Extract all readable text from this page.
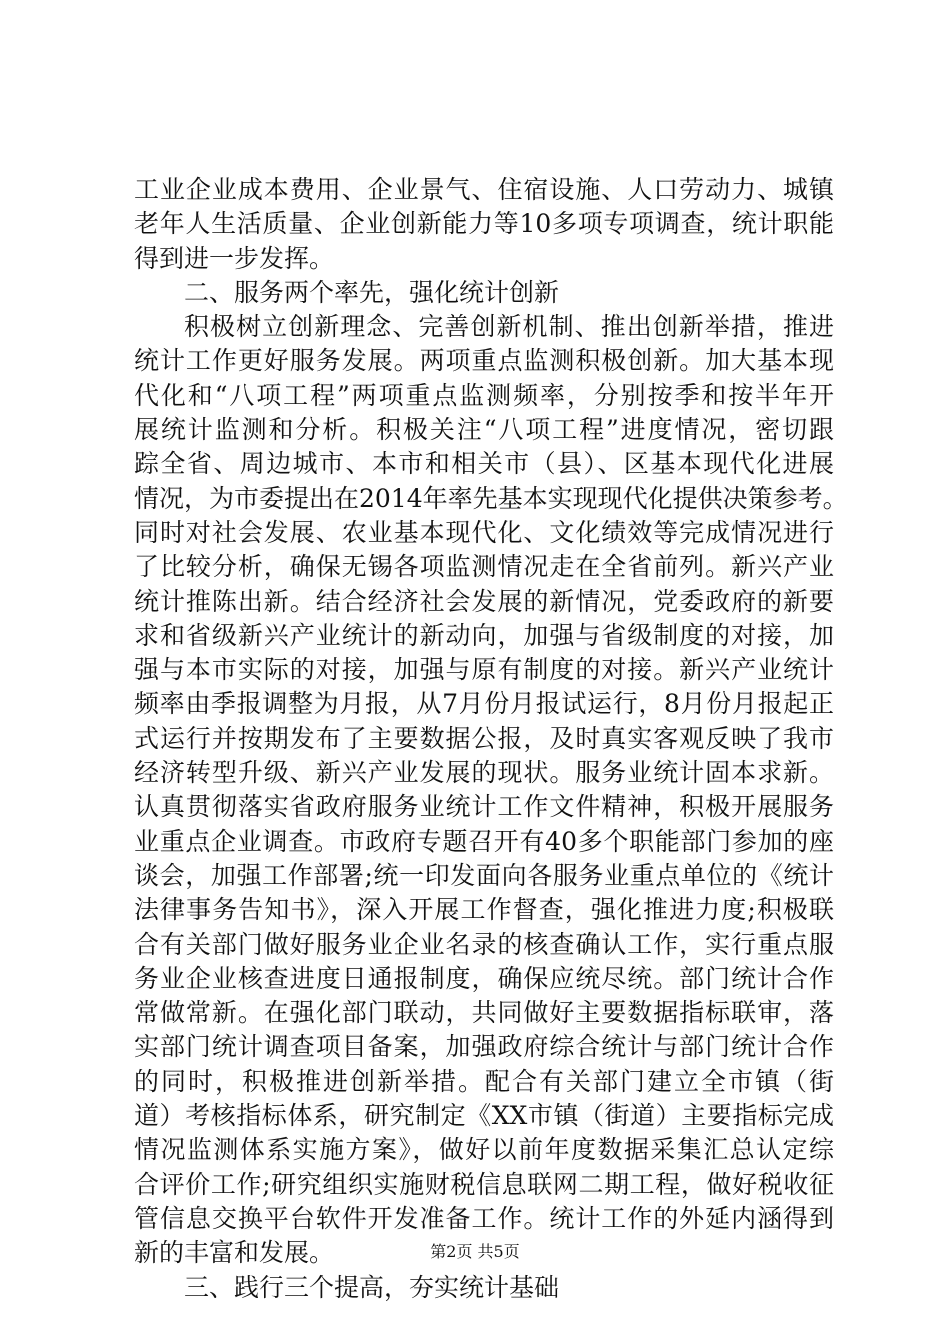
工业企业成本费用、企业景气、住宿设施、人口劳动力、城镇
老年人生活质量、企业创新能力等10多项专项调查，统计职能
得到进一步发挥。
二、服务两个率先，强化统计创新
积极树立创新理念、完善创新机制、推出创新举措，推进
统计工作更好服务发展。两项重点监测积极创新。加大基本现
代化和“八项工程”两项重点监测频率，分别按季和按半年开
展统计监测和分析。积极关注“八项工程”进度情况，密切跟
踪全省、周边城市、本市和相关市（县）、区基本现代化进展
情况，为市委提出在2014年率先基本实现现代化提供决策参考。
同时对社会发展、农业基本现代化、文化绩效等完成情况进行
了比较分析，确保无锡各项监测情况走在全省前列。新兴产业
统计推陈出新。结合经济社会发展的新情况，党委政府的新要
求和省级新兴产业统计的新动向，加强与省级制度的对接，加
强与本市实际的对接，加强与原有制度的对接。新兴产业统计
频率由季报调整为月报，从7月份月报试运行，8月份月报起正
式运行并按期发布了主要数据公报，及时真实客观反映了我市
经济转型升级、新兴产业发展的现状。服务业统计固本求新。
认真贯彻落实省政府服务业统计工作文件精神，积极开展服务
业重点企业调查。市政府专题召开有40多个职能部门参加的座
谈会，加强工作部署;统一印发面向各服务业重点单位的《统计
法律事务告知书》，深入开展工作督查，强化推进力度;积极联
合有关部门做好服务业企业名录的核查确认工作，实行重点服
务业企业核查进度日通报制度，确保应统尽统。部门统计合作
常做常新。在强化部门联动，共同做好主要数据指标联审，落
实部门统计调查项目备案，加强政府综合统计与部门统计合作
的同时，积极推进创新举措。配合有关部门建立全市镇（街
道）考核指标体系，研究制定《XX市镇（街道）主要指标完成
情况监测体系实施方案》，做好以前年度数据采集汇总认定综
合评价工作;研究组织实施财税信息联网二期工程，做好税收征
管信息交换平台软件开发准备工作。统计工作的外延内涵得到
新的丰富和发展。
三、践行三个提高，夯实统计基础
第2页 共5页
